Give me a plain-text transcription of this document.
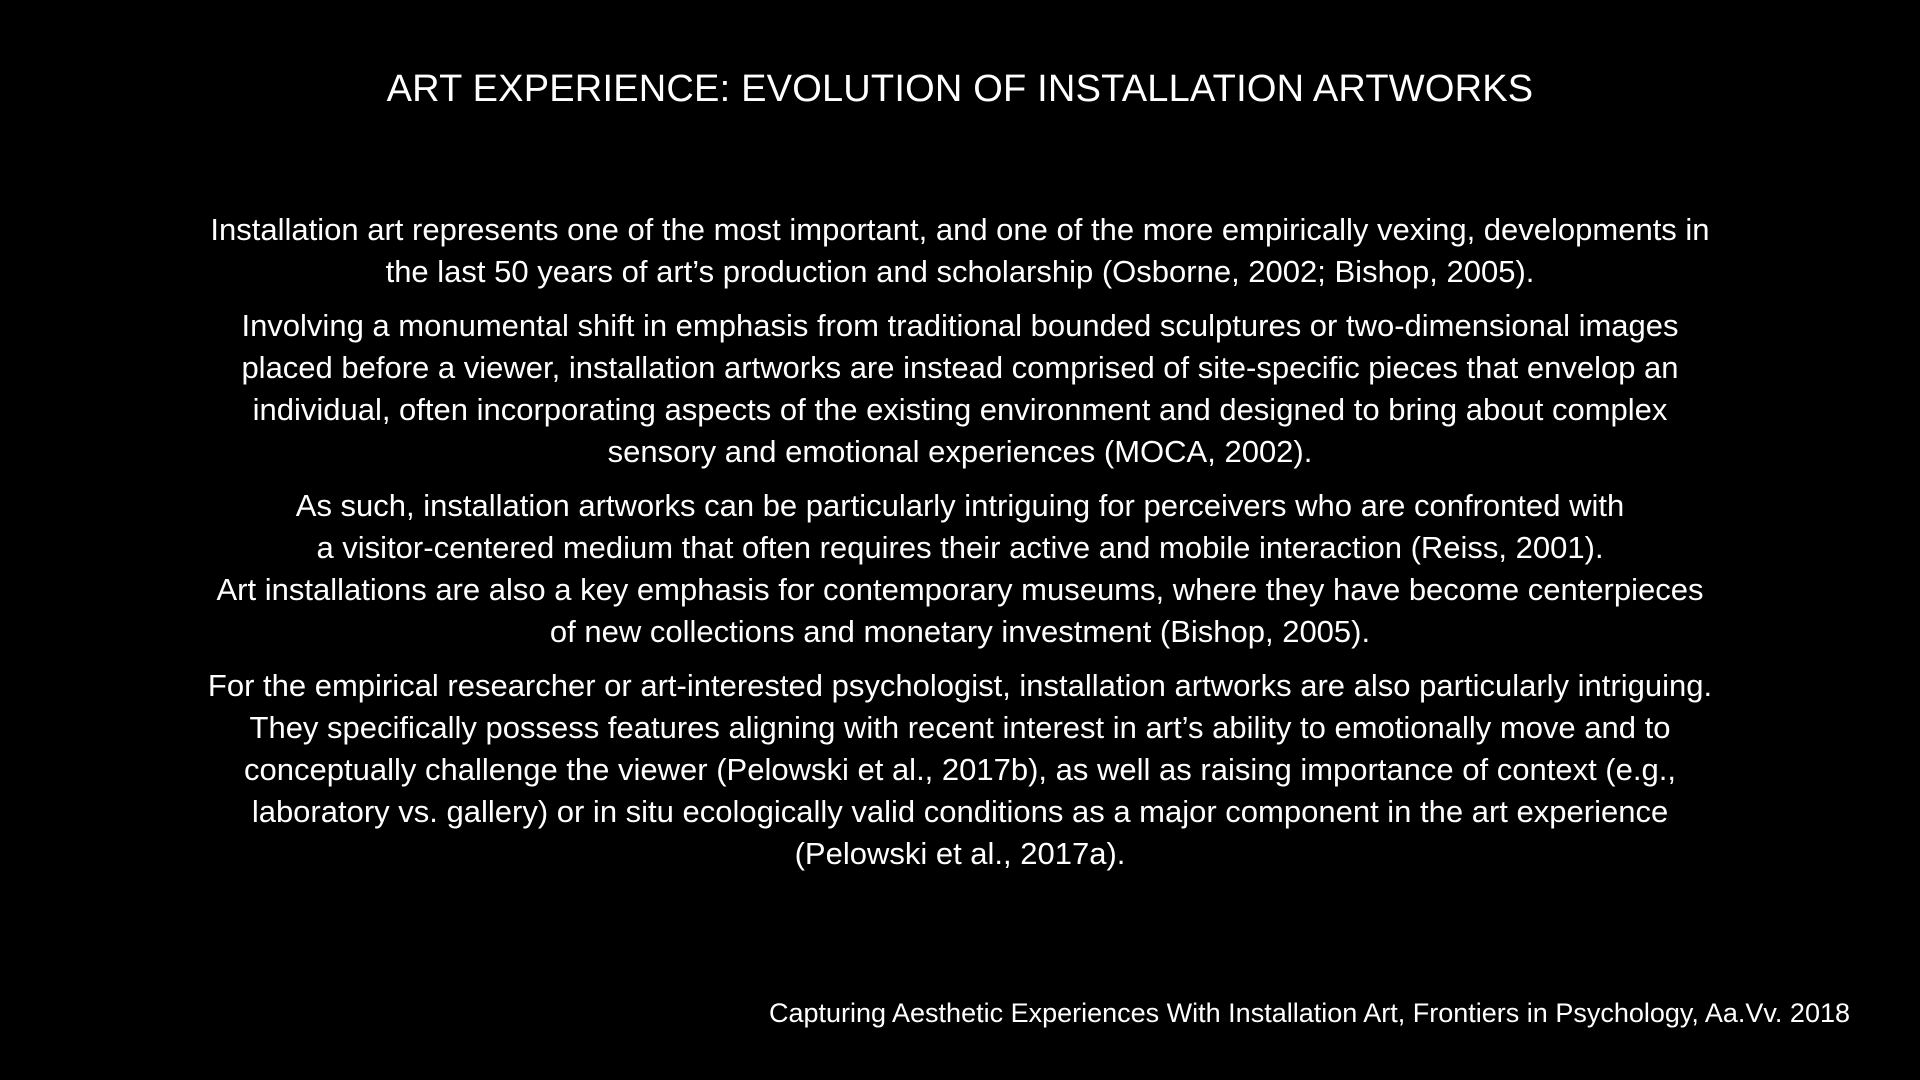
ART EXPERIENCE: EVOLUTION OF INSTALLATION ARTWORKS

Installation art represents one of the most important, and one of the more empirically vexing, developments in
the last 50 years of art’s production and scholarship (Osborne, 2002; Bishop, 2005).

Involving a monumental shift in emphasis from traditional bounded sculptures or two-dimensional images
placed before a viewer, installation artworks are instead comprised of site-specific pieces that envelop an
individual, often incorporating aspects of the existing environment and designed to bring about complex
sensory and emotional experiences (MOCA, 2002).

As such, installation artworks can be particularly intriguing for perceivers who are confronted with
a visitor-centered medium that often requires their active and mobile interaction (Reiss, 2001).
Art installations are also a key emphasis for contemporary museums, where they have become centerpieces
of new collections and monetary investment (Bishop, 2005).

For the empirical researcher or art-interested psychologist, installation artworks are also particularly intriguing.
They specifically possess features aligning with recent interest in art’s ability to emotionally move and to
conceptually challenge the viewer (Pelowski et al., 2017b), as well as raising importance of context (e.g.,
laboratory vs. gallery) or in situ ecologically valid conditions as a major component in the art experience
(Pelowski et al., 2017a).

Capturing Aesthetic Experiences With Installation Art, Frontiers in Psychology, Aa.Vv. 2018
